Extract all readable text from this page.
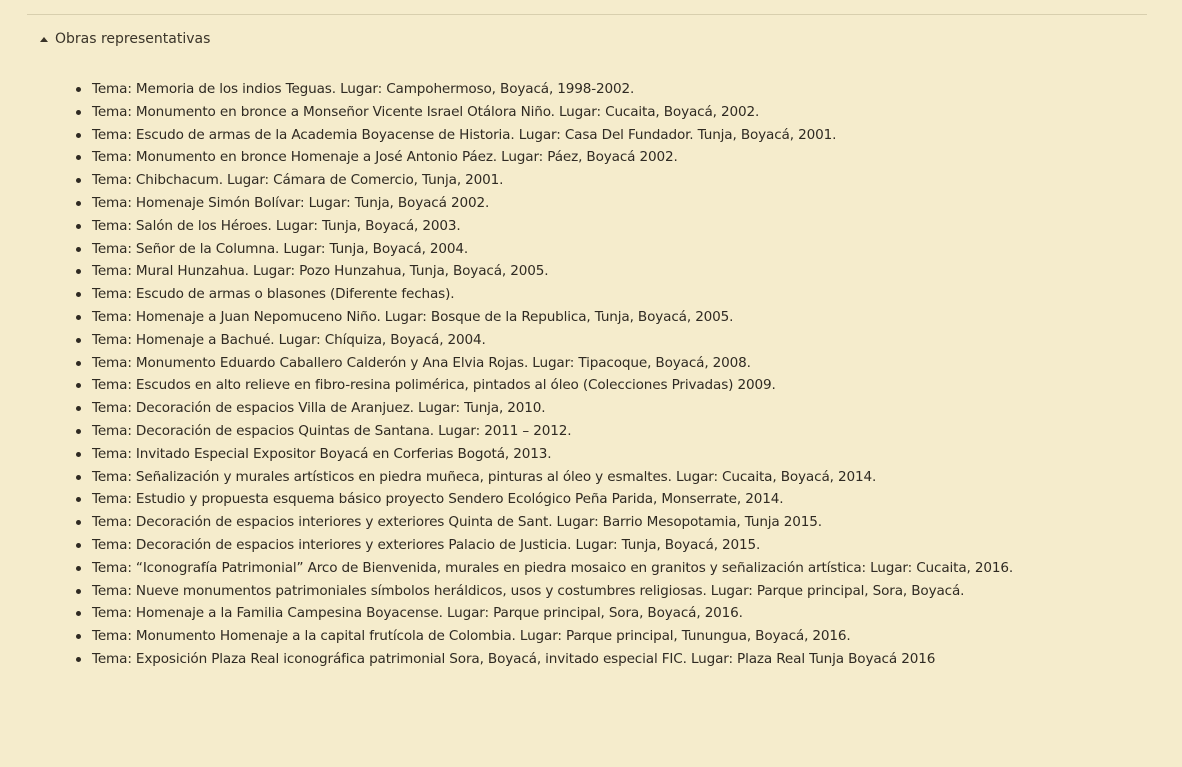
Obras representativas
Tema: Memoria de los indios Teguas. Lugar: Campohermoso, Boyacá, 1998-2002.
Tema: Monumento en bronce a Monseñor Vicente Israel Otálora Niño. Lugar: Cucaita, Boyacá, 2002.
Tema: Escudo de armas de la Academia Boyacense de Historia. Lugar: Casa Del Fundador. Tunja, Boyacá, 2001.
Tema: Monumento en bronce Homenaje a José Antonio Páez. Lugar: Páez, Boyacá 2002.
Tema: Chibchacum. Lugar: Cámara de Comercio, Tunja, 2001.
Tema: Homenaje Simón Bolívar: Lugar: Tunja, Boyacá 2002.
Tema: Salón de los Héroes. Lugar: Tunja, Boyacá, 2003.
Tema: Señor de la Columna. Lugar: Tunja, Boyacá, 2004.
Tema: Mural Hunzahua. Lugar: Pozo Hunzahua, Tunja, Boyacá, 2005.
Tema: Escudo de armas o blasones (Diferente fechas).
Tema: Homenaje a Juan Nepomuceno Niño. Lugar: Bosque de la Republica, Tunja, Boyacá, 2005.
Tema: Homenaje a Bachué. Lugar: Chíquiza, Boyacá, 2004.
Tema: Monumento Eduardo Caballero Calderón y Ana Elvia Rojas. Lugar: Tipacoque, Boyacá, 2008.
Tema: Escudos en alto relieve en fibro-resina polimérica, pintados al óleo (Colecciones Privadas) 2009.
Tema: Decoración de espacios Villa de Aranjuez. Lugar: Tunja, 2010.
Tema: Decoración de espacios Quintas de Santana. Lugar: 2011 – 2012.
Tema: Invitado Especial Expositor Boyacá en Corferias Bogotá, 2013.
Tema: Señalización y murales artísticos en piedra muñeca, pinturas al óleo y esmaltes. Lugar: Cucaita, Boyacá, 2014.
Tema: Estudio y propuesta esquema básico proyecto Sendero Ecológico Peña Parida, Monserrate, 2014.
Tema: Decoración de espacios interiores y exteriores Quinta de Sant. Lugar: Barrio Mesopotamia, Tunja 2015.
Tema: Decoración de espacios interiores y exteriores Palacio de Justicia. Lugar: Tunja, Boyacá, 2015.
Tema: “Iconografía Patrimonial” Arco de Bienvenida, murales en piedra mosaico en granitos y señalización artística: Lugar: Cucaita, 2016.
Tema: Nueve monumentos patrimoniales símbolos heráldicos, usos y costumbres religiosas. Lugar: Parque principal, Sora, Boyacá.
Tema: Homenaje a la Familia Campesina Boyacense. Lugar: Parque principal, Sora, Boyacá, 2016.
Tema: Monumento Homenaje a la capital frutícola de Colombia. Lugar: Parque principal, Tunungua, Boyacá, 2016.
Tema: Exposición Plaza Real iconográfica patrimonial Sora, Boyacá, invitado especial FIC. Lugar: Plaza Real Tunja Boyacá 2016
